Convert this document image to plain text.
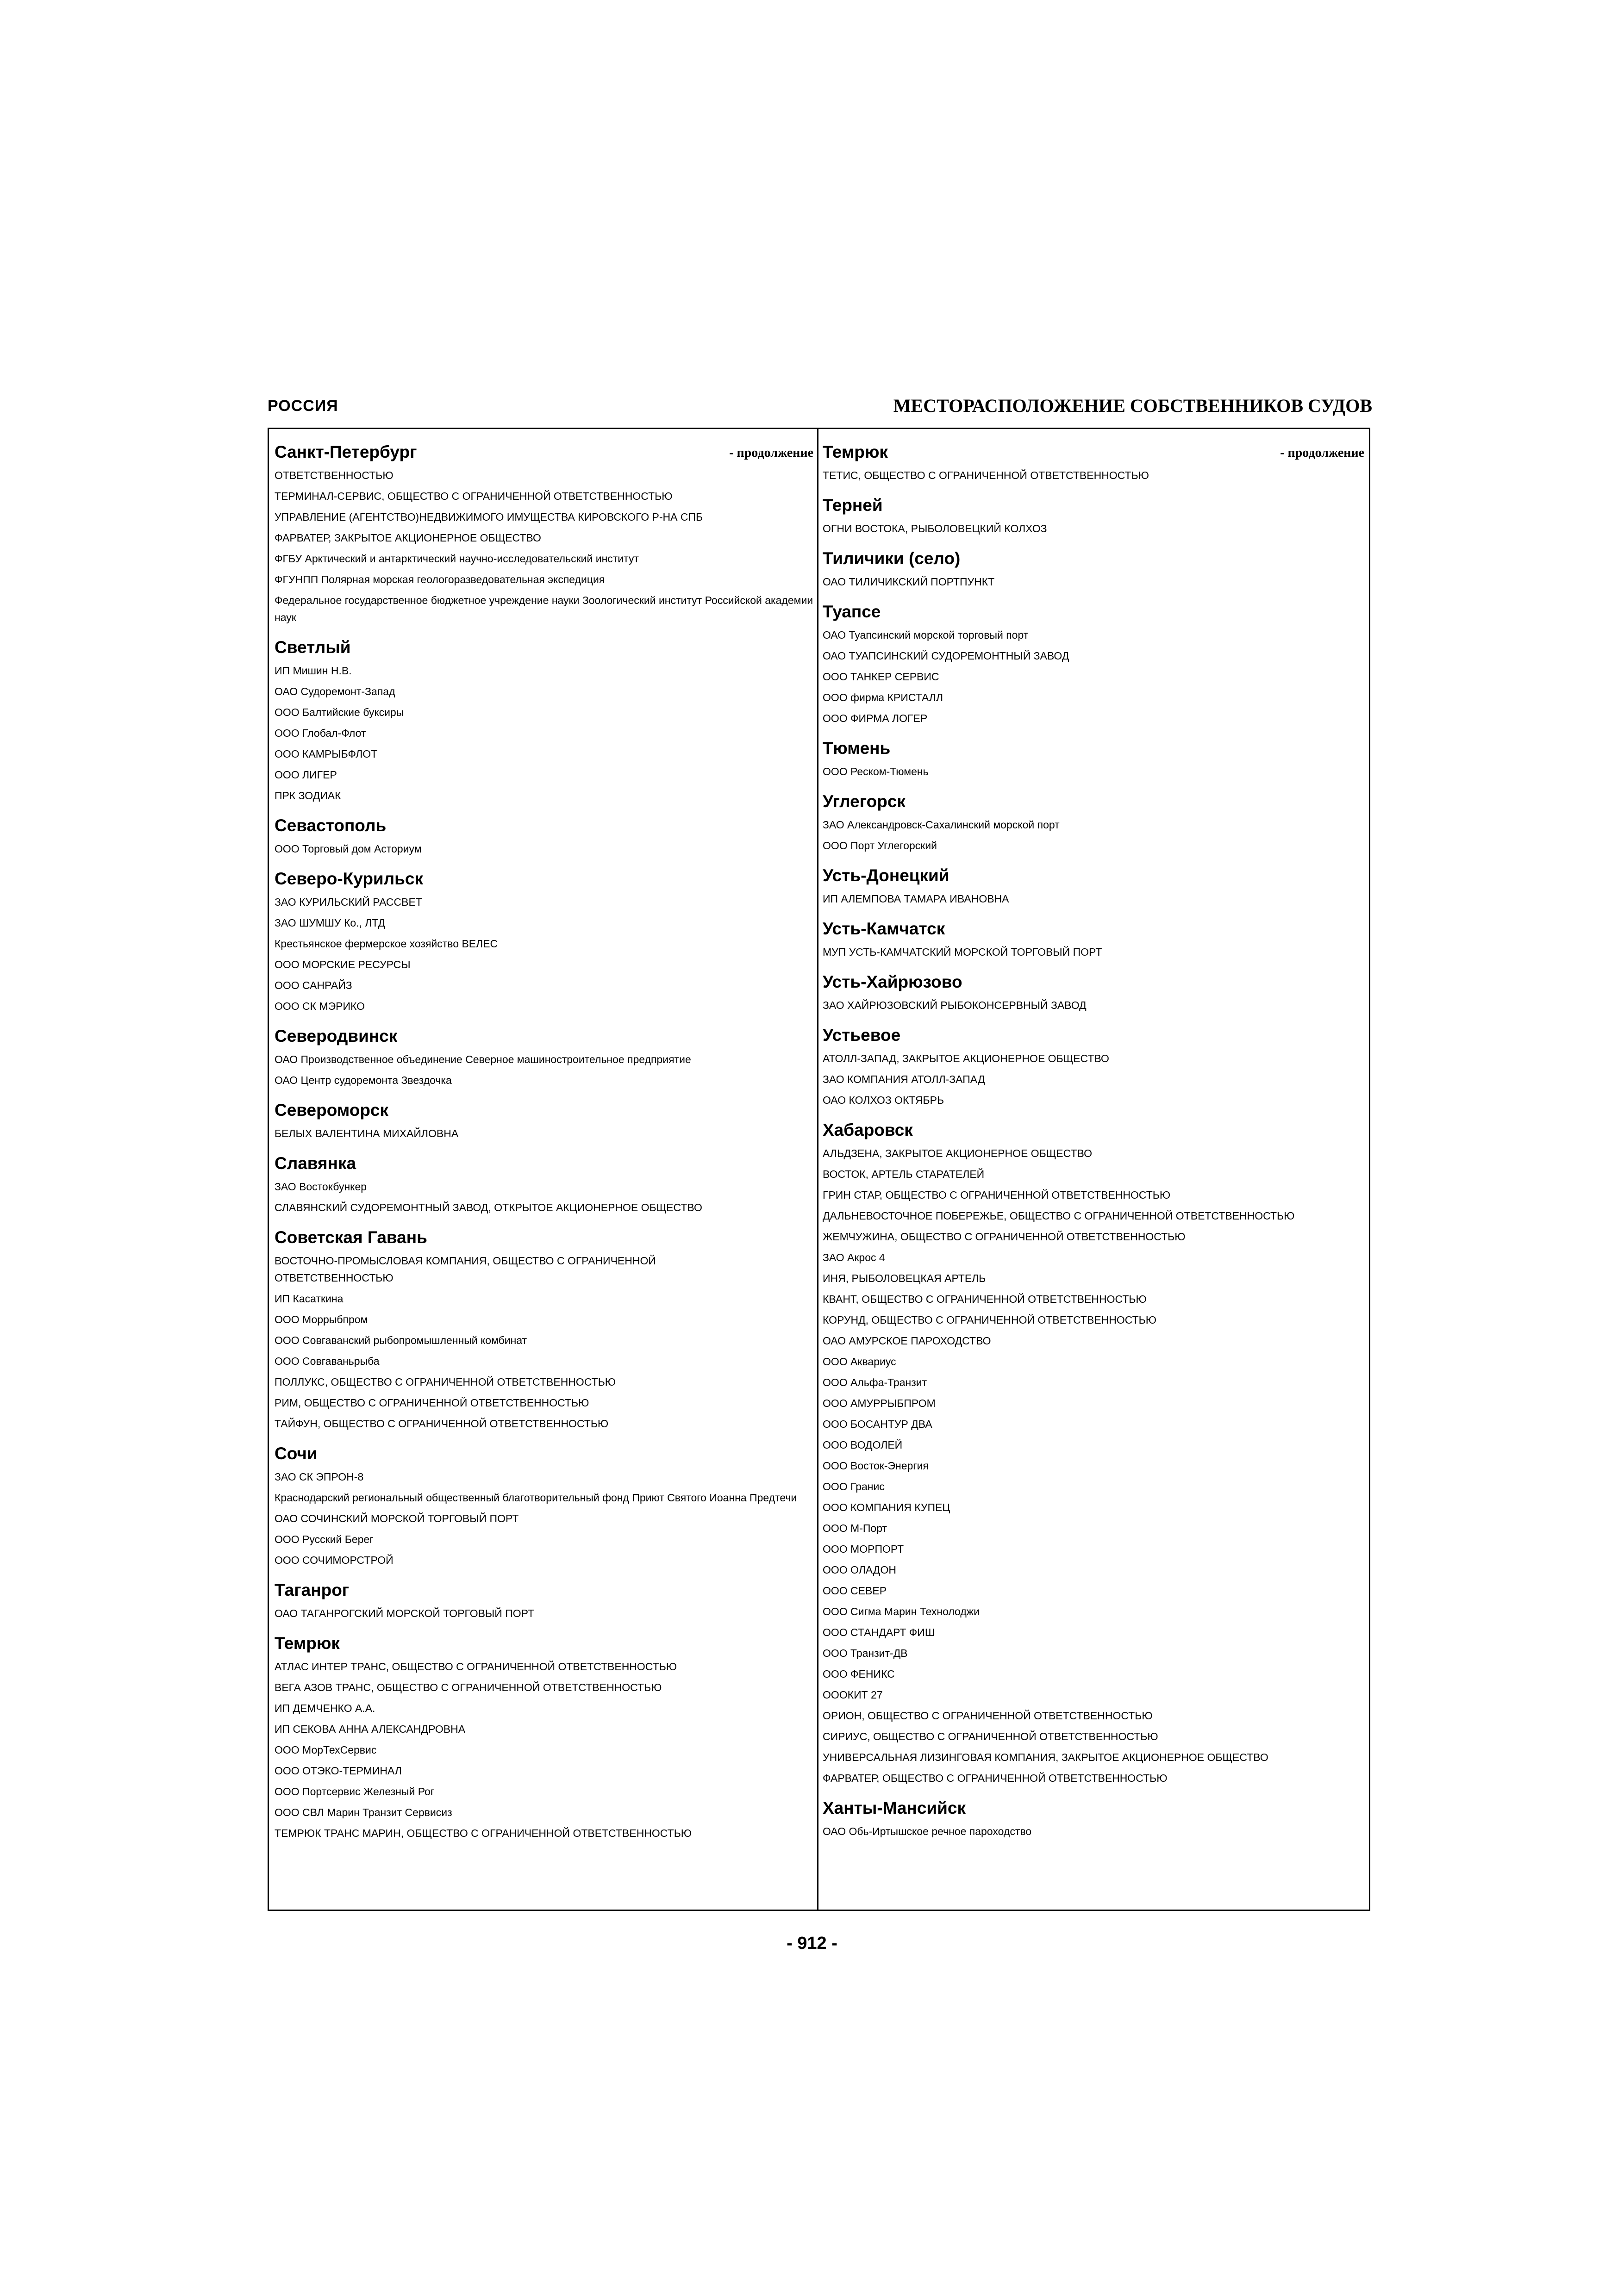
РОССИЯ	МЕСТОРАСПОЛОЖЕНИЕ СОБСТВЕННИКОВ СУДОВ
Санкт-Петербург	- продолжение
ОТВЕТСТВЕННОСТЬЮ
ТЕРМИНАЛ-СЕРВИС, ОБЩЕСТВО С ОГРАНИЧЕННОЙ ОТВЕТСТВЕННОСТЬЮ
УПРАВЛЕНИЕ (АГЕНТСТВО)НЕДВИЖИМОГО ИМУЩЕСТВА КИРОВСКОГО Р-НА СПБ
ФАРВАТЕР, ЗАКРЫТОЕ АКЦИОНЕРНОЕ ОБЩЕСТВО
ФГБУ Арктический и антарктический научно-исследовательский институт
ФГУНПП Полярная морская геологоразведовательная экспедиция
Федеральное государственное бюджетное учреждение науки Зоологический институт Российской академии наук
Светлый
ИП Мишин Н.В.
ОАО Судоремонт-Запад
ООО Балтийские буксиры
ООО Глобал-Флот
ООО КАМРЫБФЛОТ
ООО ЛИГЕР
ПРК ЗОДИАК
Севастополь
ООО Торговый дом Асториум
Северо-Курильск
ЗАО КУРИЛЬСКИЙ РАССВЕТ
ЗАО ШУМШУ Ко., ЛТД
Крестьянское фермерское хозяйство ВЕЛЕС
ООО МОРСКИЕ РЕСУРСЫ
ООО САНРАЙЗ
ООО СК МЭРИКО
Северодвинск
ОАО Производственное объединение Северное машиностроительное предприятие
ОАО Центр судоремонта Звездочка
Североморск
БЕЛЫХ ВАЛЕНТИНА МИХАЙЛОВНА
Славянка
ЗАО Востокбункер
СЛАВЯНСКИЙ СУДОРЕМОНТНЫЙ ЗАВОД, ОТКРЫТОЕ АКЦИОНЕРНОЕ ОБЩЕСТВО
Советская Гавань
ВОСТОЧНО-ПРОМЫСЛОВАЯ КОМПАНИЯ, ОБЩЕСТВО С ОГРАНИЧЕННОЙ ОТВЕТСТВЕННОСТЬЮ
ИП Касаткина
ООО Моррыбпром
ООО Совгаванский рыбопромышленный комбинат
ООО Совгаваньрыба
ПОЛЛУКС, ОБЩЕСТВО С ОГРАНИЧЕННОЙ ОТВЕТСТВЕННОСТЬЮ
РИМ, ОБЩЕСТВО С ОГРАНИЧЕННОЙ ОТВЕТСТВЕННОСТЬЮ
ТАЙФУН, ОБЩЕСТВО С ОГРАНИЧЕННОЙ ОТВЕТСТВЕННОСТЬЮ
Сочи
ЗАО СК ЭПРОН-8
Краснодарский региональный общественный благотворительный фонд Приют Святого Иоанна Предтечи
ОАО СОЧИНСКИЙ МОРСКОЙ ТОРГОВЫЙ ПОРТ
ООО Русский Берег
ООО СОЧИМОРСТРОЙ
Таганрог
ОАО ТАГАНРОГСКИЙ МОРСКОЙ ТОРГОВЫЙ ПОРТ
Темрюк
АТЛАС ИНТЕР ТРАНС, ОБЩЕСТВО С ОГРАНИЧЕННОЙ ОТВЕТСТВЕННОСТЬЮ
ВЕГА АЗОВ ТРАНС, ОБЩЕСТВО С ОГРАНИЧЕННОЙ ОТВЕТСТВЕННОСТЬЮ
ИП ДЕМЧЕНКО А.А.
ИП СЕКОВА АННА АЛЕКСАНДРОВНА
ООО МорТехСервис
ООО ОТЭКО-ТЕРМИНАЛ
ООО Портсервис Железный Рог
ООО СВЛ Марин Транзит Сервисиз
ТЕМРЮК ТРАНС МАРИН, ОБЩЕСТВО С ОГРАНИЧЕННОЙ ОТВЕТСТВЕННОСТЬЮ
Темрюк	- продолжение
ТЕТИС, ОБЩЕСТВО С ОГРАНИЧЕННОЙ ОТВЕТСТВЕННОСТЬЮ
Терней
ОГНИ ВОСТОКА, РЫБОЛОВЕЦКИЙ КОЛХОЗ
Тиличики (село)
ОАО ТИЛИЧИКСКИЙ ПОРТПУНКТ
Туапсе
ОАО Туапсинский морской торговый порт
ОАО ТУАПСИНСКИЙ СУДОРЕМОНТНЫЙ ЗАВОД
ООО ТАНКЕР СЕРВИС
ООО фирма КРИСТАЛЛ
ООО ФИРМА ЛОГЕР
Тюмень
ООО Реском-Тюмень
Углегорск
ЗАО Александровск-Сахалинский морской порт
ООО Порт Углегорский
Усть-Донецкий
ИП АЛЕМПОВА ТАМАРА ИВАНОВНА
Усть-Камчатск
МУП УСТЬ-КАМЧАТСКИЙ МОРСКОЙ ТОРГОВЫЙ ПОРТ
Усть-Хайрюзово
ЗАО ХАЙРЮЗОВСКИЙ РЫБОКОНСЕРВНЫЙ ЗАВОД
Устьевое
АТОЛЛ-ЗАПАД, ЗАКРЫТОЕ АКЦИОНЕРНОЕ ОБЩЕСТВО
ЗАО КОМПАНИЯ АТОЛЛ-ЗАПАД
ОАО КОЛХОЗ ОКТЯБРЬ
Хабаровск
АЛЬДЗЕНА, ЗАКРЫТОЕ АКЦИОНЕРНОЕ ОБЩЕСТВО
ВОСТОК, АРТЕЛЬ СТАРАТЕЛЕЙ
ГРИН СТАР, ОБЩЕСТВО С ОГРАНИЧЕННОЙ ОТВЕТСТВЕННОСТЬЮ
ДАЛЬНЕВОСТОЧНОЕ ПОБЕРЕЖЬЕ, ОБЩЕСТВО С ОГРАНИЧЕННОЙ ОТВЕТСТВЕННОСТЬЮ
ЖЕМЧУЖИНА, ОБЩЕСТВО С ОГРАНИЧЕННОЙ ОТВЕТСТВЕННОСТЬЮ
ЗАО Акрос 4
ИНЯ, РЫБОЛОВЕЦКАЯ АРТЕЛЬ
КВАНТ, ОБЩЕСТВО С ОГРАНИЧЕННОЙ ОТВЕТСТВЕННОСТЬЮ
КОРУНД, ОБЩЕСТВО С ОГРАНИЧЕННОЙ ОТВЕТСТВЕННОСТЬЮ
ОАО АМУРСКОЕ ПАРОХОДСТВО
ООО Аквариус
ООО Альфа-Транзит
ООО АМУРРЫБПРОМ
ООО БОСАНТУР ДВА
ООО ВОДОЛЕЙ
ООО Восток-Энергия
ООО Гранис
ООО КОМПАНИЯ КУПЕЦ
ООО М-Порт
ООО МОРПОРТ
ООО ОЛАДОН
ООО СЕВЕР
ООО Сигма Марин Технолоджи
ООО СТАНДАРТ ФИШ
ООО Транзит-ДВ
ООО ФЕНИКС
ОООКИТ 27
ОРИОН, ОБЩЕСТВО С ОГРАНИЧЕННОЙ ОТВЕТСТВЕННОСТЬЮ
СИРИУС, ОБЩЕСТВО С ОГРАНИЧЕННОЙ ОТВЕТСТВЕННОСТЬЮ
УНИВЕРСАЛЬНАЯ ЛИЗИНГОВАЯ КОМПАНИЯ, ЗАКРЫТОЕ АКЦИОНЕРНОЕ ОБЩЕСТВО
ФАРВАТЕР, ОБЩЕСТВО С ОГРАНИЧЕННОЙ ОТВЕТСТВЕННОСТЬЮ
Ханты-Мансийск
ОАО Обь-Иртышское речное пароходство
- 912 -
